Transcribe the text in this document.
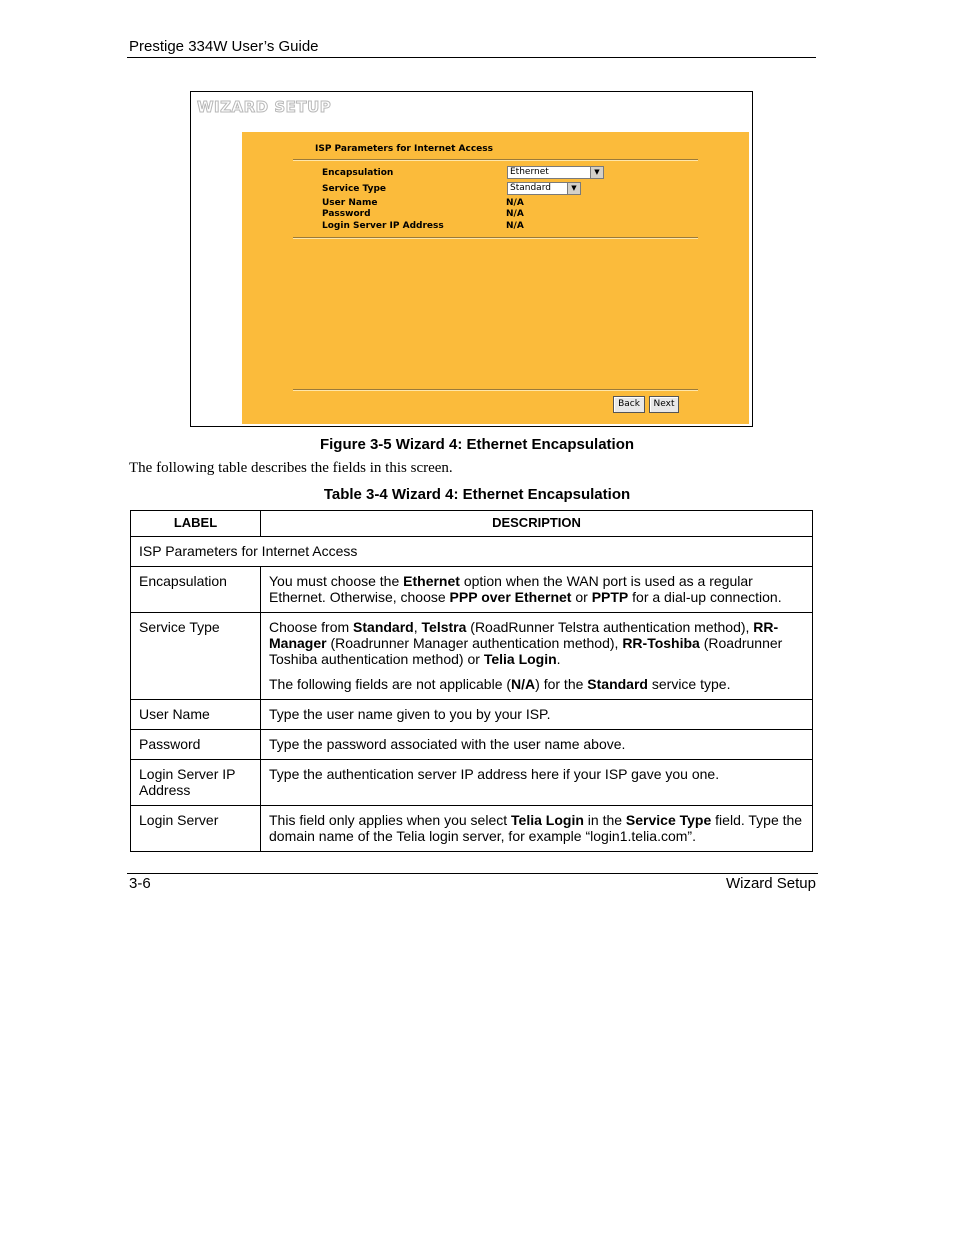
Prestige 334W User’s Guide
WIZARD SETUP
ISP Parameters for Internet Access
Encapsulation	Ethernet	▼
Service Type	Standard	▼
User Name	N/A
Password	N/A
Login Server IP Address	N/A
Back	Next
Figure 3-5 Wizard 4: Ethernet Encapsulation
The following table describes the fields in this screen.
Table 3-4 Wizard 4: Ethernet Encapsulation
LABEL	DESCRIPTION
ISP Parameters for Internet Access	
Encapsulation	You must choose the Ethernet option when the WAN port is used as a regular Ethernet. Otherwise, choose PPP over Ethernet or PPTP for a dial-up connection.

Service Type	Choose from Standard, Telstra (RoadRunner Telstra authentication method), RR-Manager (Roadrunner Manager authentication method), RR-Toshiba (Roadrunner Toshiba authentication method) or Telia Login.

The following fields are not applicable (N/A) for the Standard service type.

User Name	Type the user name given to you by your ISP.

Password	Type the password associated with the user name above.

Login Server IP Address	Type the authentication server IP address here if your ISP gave you one.

Login Server	This field only applies when you select Telia Login in the Service Type field. Type the domain name of the Telia login server, for example “login1.telia.com”.

3-6	Wizard Setup
